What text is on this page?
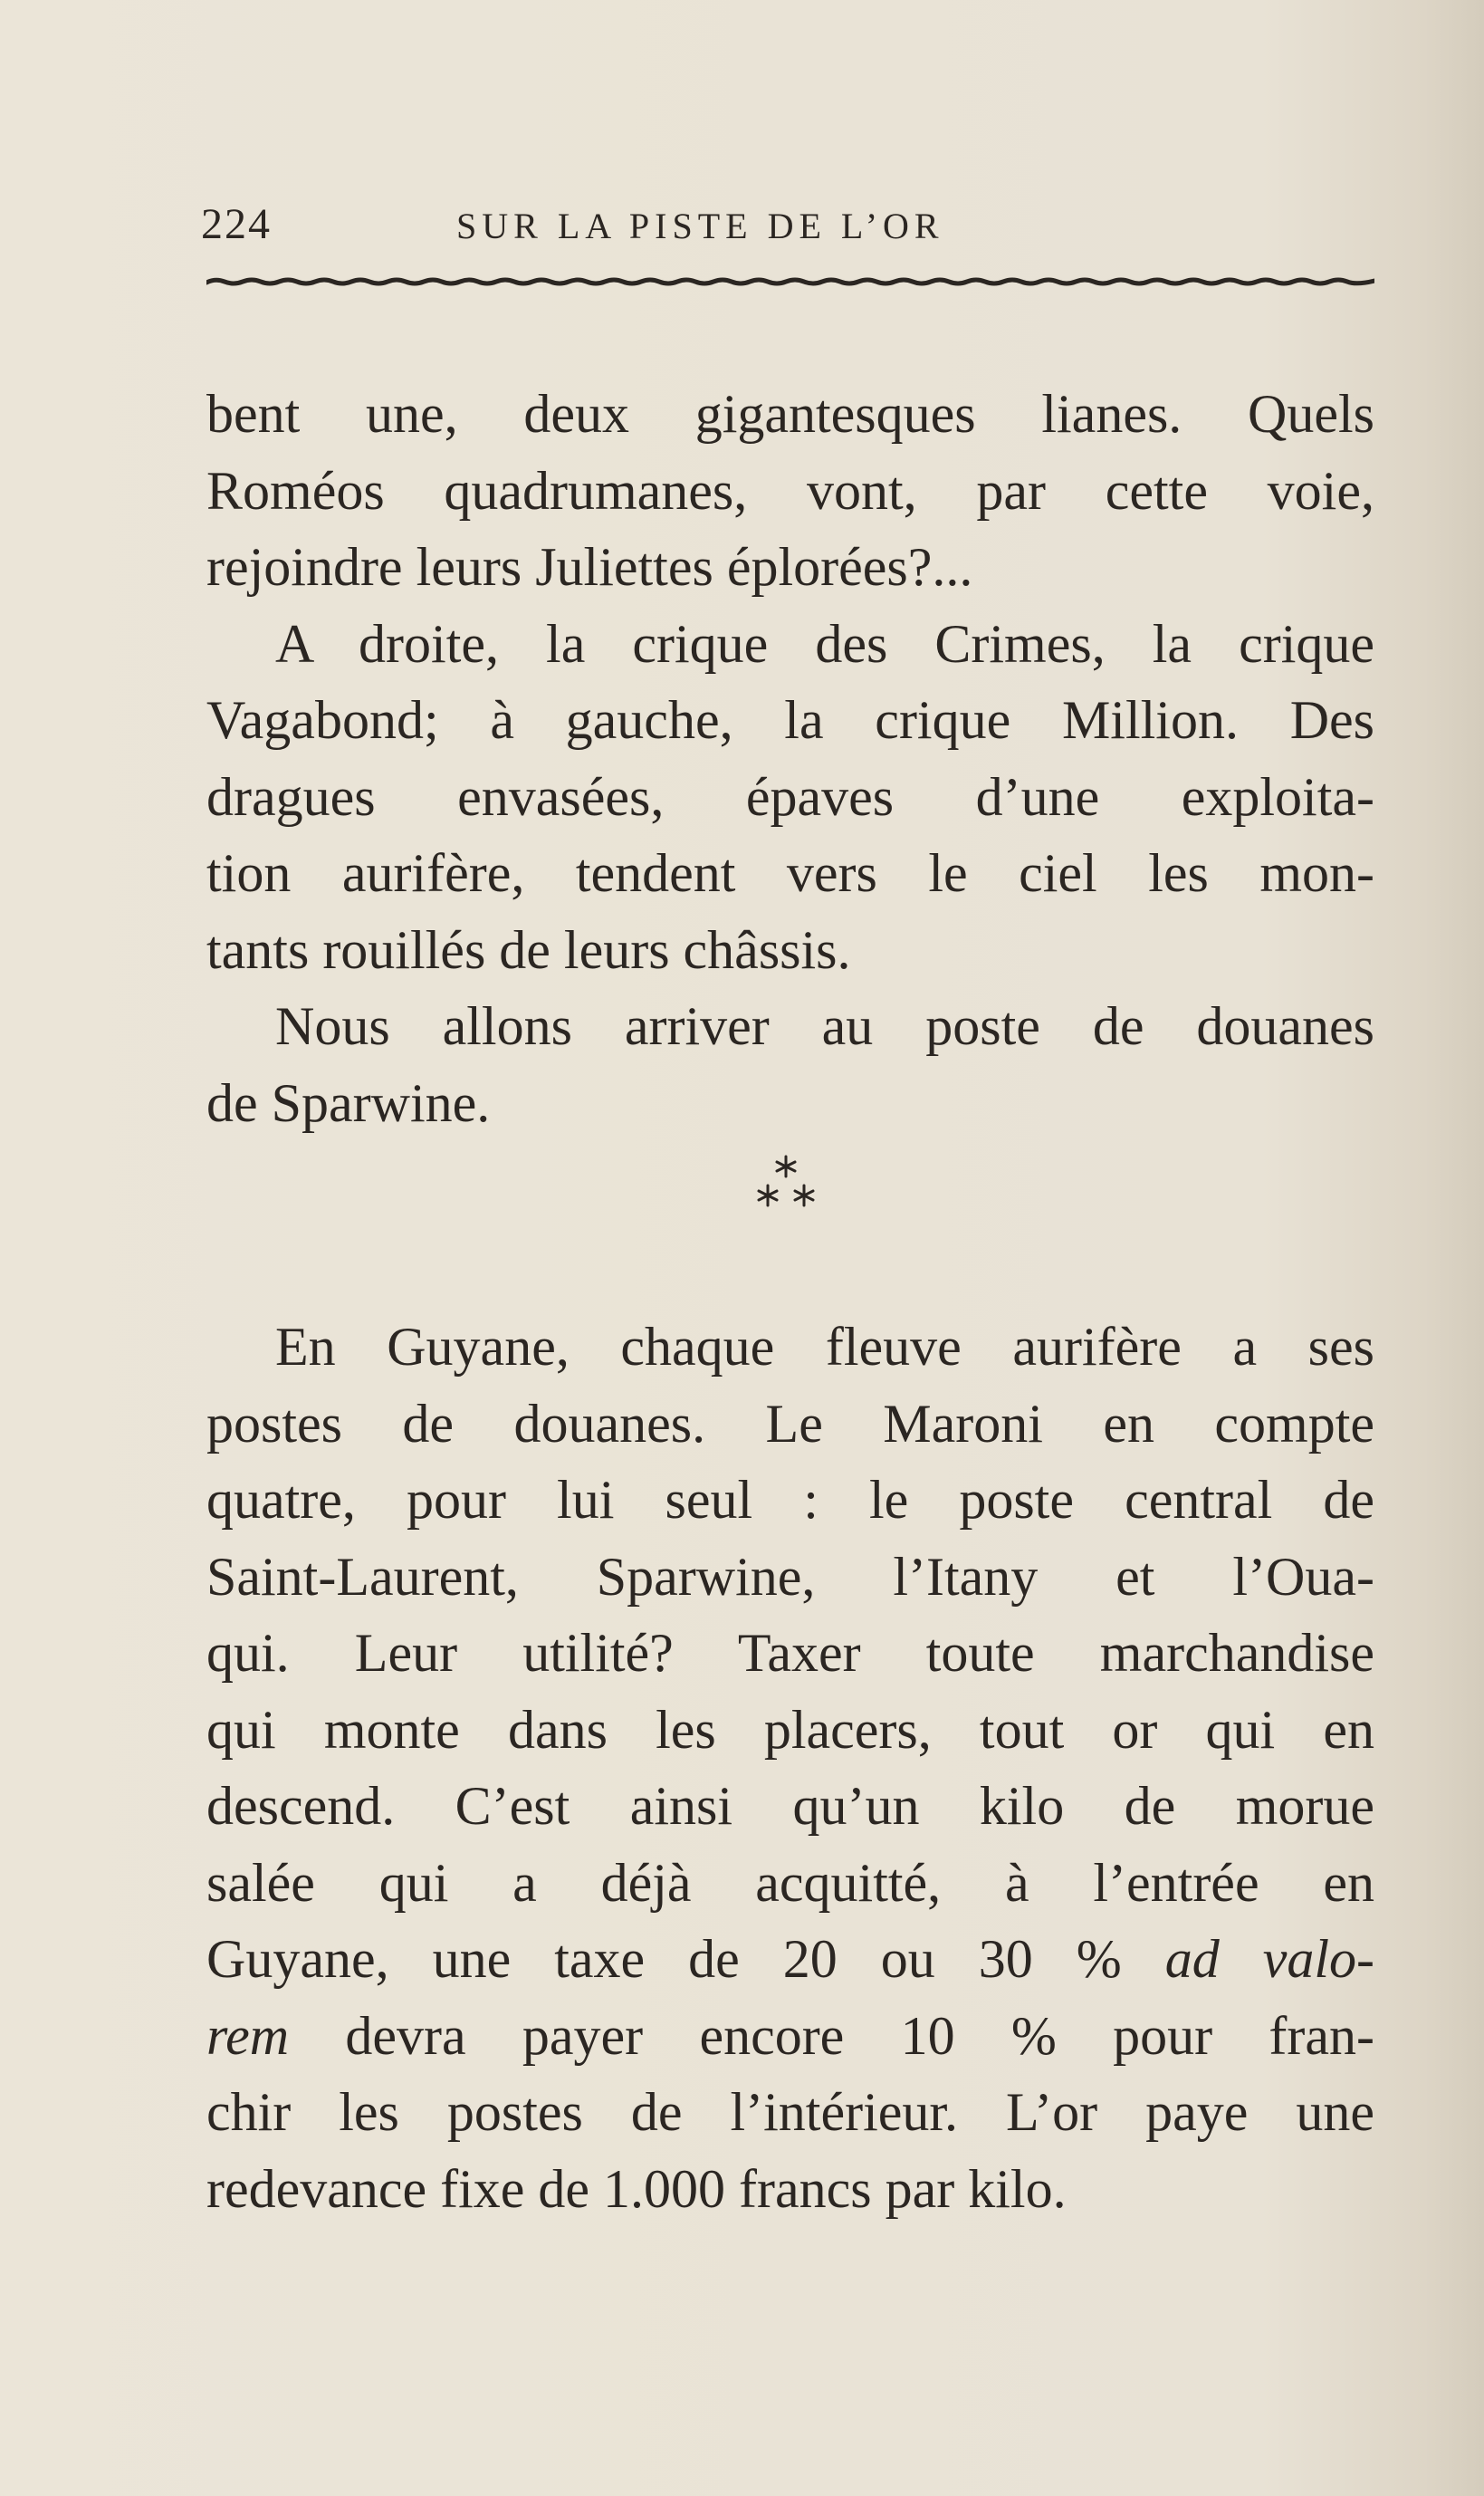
224	SUR LA PISTE DE L’OR
bent une, deux gigantesques lianes. Quels
Roméos quadrumanes, vont, par cette voie,
rejoindre leurs Juliettes éplorées?...
A droite, la crique des Crimes, la crique
Vagabond; à gauche, la crique Million. Des
dragues envasées, épaves d’une exploita-
tion aurifère, tendent vers le ciel les mon-
tants rouillés de leurs châssis.
Nous allons arriver au poste de douanes
de Sparwine.
En Guyane, chaque fleuve aurifère a ses
postes de douanes. Le Maroni en compte
quatre, pour lui seul : le poste central de
Saint-Laurent, Sparwine, l’Itany et l’Oua-
qui. Leur utilité? Taxer toute marchandise
qui monte dans les placers, tout or qui en
descend. C’est ainsi qu’un kilo de morue
salée qui a déjà acquitté, à l’entrée en
Guyane, une taxe de 20 ou 30 % ad valo-
rem devra payer encore 10 % pour fran-
chir les postes de l’intérieur. L’or paye une
redevance fixe de 1.000 francs par kilo.
